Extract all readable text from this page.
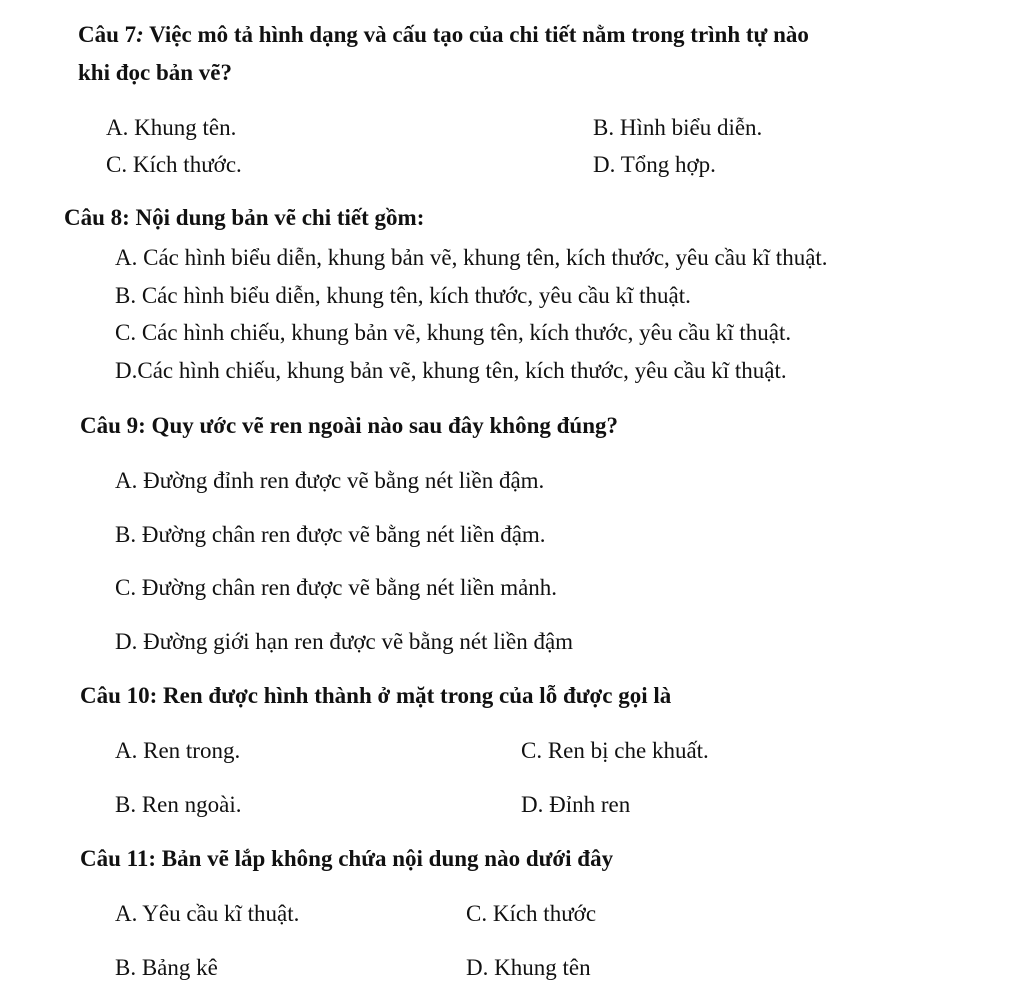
Câu 7: Việc mô tả hình dạng và cấu tạo của chi tiết nằm trong trình tự nào
khi đọc bản vẽ?
A. Khung tên.	B. Hình biểu diễn.
C. Kích thước.	D. Tổng hợp.
Câu 8: Nội dung bản vẽ chi tiết gồm:
A. Các hình biểu diễn, khung bản vẽ, khung tên, kích thước, yêu cầu kĩ thuật.
B. Các hình biểu diễn, khung tên, kích thước, yêu cầu kĩ thuật.
C. Các hình chiếu, khung bản vẽ, khung tên, kích thước, yêu cầu kĩ thuật.
D.Các hình chiếu, khung bản vẽ, khung tên, kích thước, yêu cầu kĩ thuật.
Câu 9: Quy ước vẽ ren ngoài nào sau đây không đúng?
A. Đường đỉnh ren được vẽ bằng nét liền đậm.
B. Đường chân ren được vẽ bằng nét liền đậm.
C. Đường chân ren được vẽ bằng nét liền mảnh.
D. Đường giới hạn ren được vẽ bằng nét liền đậm
Câu 10: Ren được hình thành ở mặt trong của lỗ được gọi là
A. Ren trong.	C. Ren bị che khuất.
B. Ren ngoài.	D. Đỉnh ren
Câu 11: Bản vẽ lắp không chứa nội dung nào dưới đây
A. Yêu cầu kĩ thuật.	C. Kích thước
B. Bảng kê	D. Khung tên
